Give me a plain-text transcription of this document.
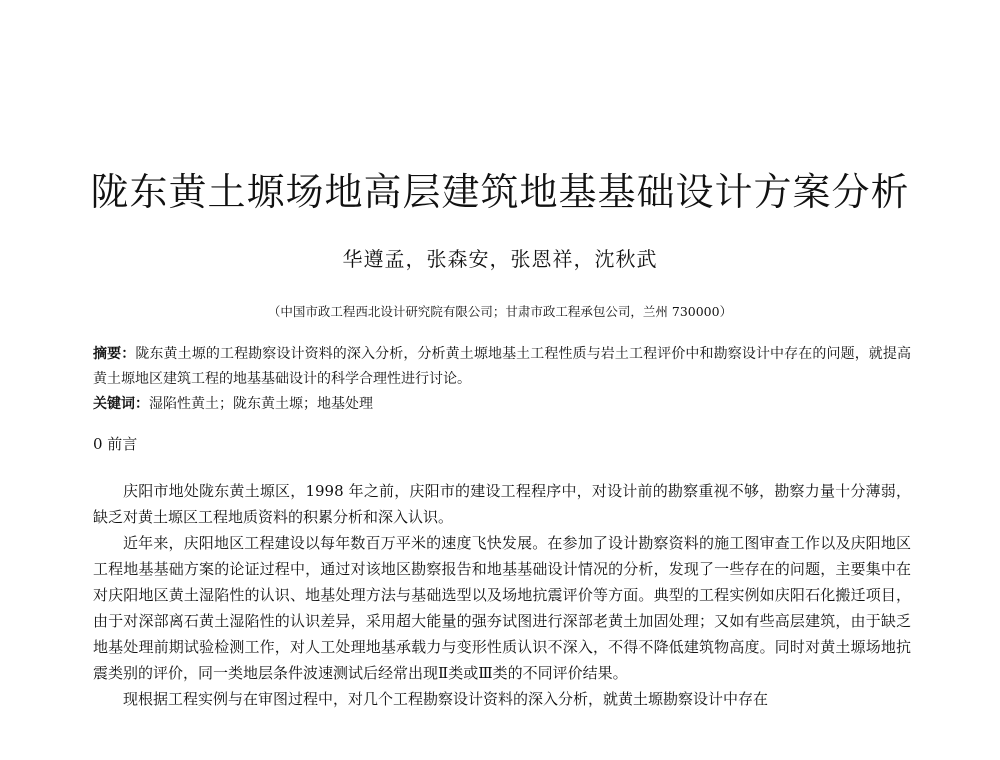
陇东黄土塬场地高层建筑地基基础设计方案分析
华遵孟，张森安，张恩祥，沈秋武
（中国市政工程西北设计研究院有限公司；甘肃市政工程承包公司，兰州 730000）
摘要：陇东黄土塬的工程勘察设计资料的深入分析，分析黄土塬地基土工程性质与岩土工程评价中和勘察设计中存在的问题，就提高黄土塬地区建筑工程的地基基础设计的科学合理性进行讨论。
关键词：湿陷性黄土；陇东黄土塬；地基处理
0 前言

庆阳市地处陇东黄土塬区，1998 年之前，庆阳市的建设工程程序中，对设计前的勘察重视不够，勘察力量十分薄弱，缺乏对黄土塬区工程地质资料的积累分析和深入认识。

近年来，庆阳地区工程建设以每年数百万平米的速度飞快发展。在参加了设计勘察资料的施工图审查工作以及庆阳地区工程地基基础方案的论证过程中，通过对该地区勘察报告和地基基础设计情况的分析，发现了一些存在的问题，主要集中在对庆阳地区黄土湿陷性的认识、地基处理方法与基础选型以及场地抗震评价等方面。典型的工程实例如庆阳石化搬迁项目，由于对深部离石黄土湿陷性的认识差异，采用超大能量的强夯试图进行深部老黄土加固处理；又如有些高层建筑，由于缺乏地基处理前期试验检测工作，对人工处理地基承载力与变形性质认识不深入，不得不降低建筑物高度。同时对黄土塬场地抗震类别的评价，同一类地层条件波速测试后经常出现Ⅱ类或Ⅲ类的不同评价结果。

现根据工程实例与在审图过程中，对几个工程勘察设计资料的深入分析，就黄土塬勘察设计中存在
